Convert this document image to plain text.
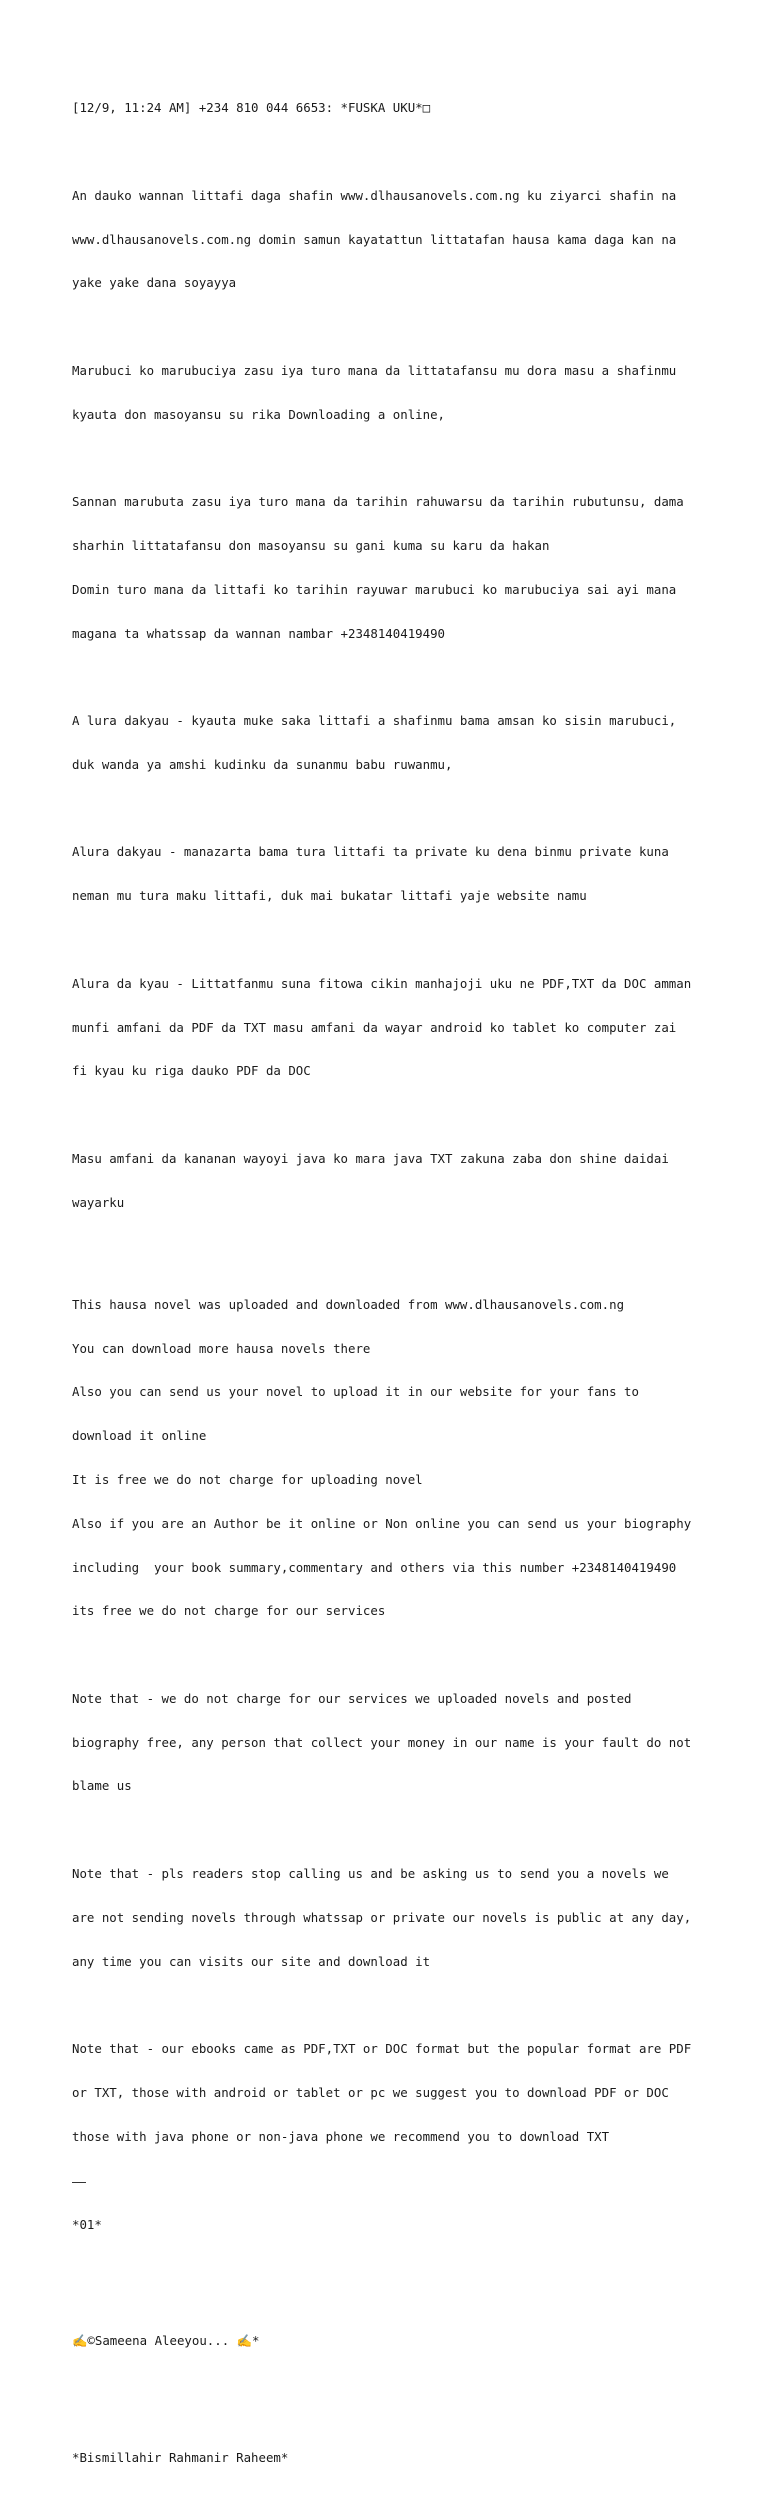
[12/9, 11:24 AM] +234 810 044 6653: *FUSKA UKU*□

An dauko wannan littafi daga shafin www.dlhausanovels.com.ng ku ziyarci shafin na

www.dlhausanovels.com.ng domin samun kayatattun littatafan hausa kama daga kan na

yake yake dana soyayya

Marubuci ko marubuciya zasu iya turo mana da littatafansu mu dora masu a shafinmu

kyauta don masoyansu su rika Downloading a online,

Sannan marubuta zasu iya turo mana da tarihin rahuwarsu da tarihin rubutunsu, dama

sharhin littatafansu don masoyansu su gani kuma su karu da hakan

Domin turo mana da littafi ko tarihin rayuwar marubuci ko marubuciya sai ayi mana

magana ta whatssap da wannan nambar +2348140419490

A lura dakyau - kyauta muke saka littafi a shafinmu bama amsan ko sisin marubuci,

duk wanda ya amshi kudinku da sunanmu babu ruwanmu,

Alura dakyau - manazarta bama tura littafi ta private ku dena binmu private kuna

neman mu tura maku littafi, duk mai bukatar littafi yaje website namu

Alura da kyau - Littatfanmu suna fitowa cikin manhajoji uku ne PDF,TXT da DOC amman

munfi amfani da PDF da TXT masu amfani da wayar android ko tablet ko computer zai

fi kyau ku riga dauko PDF da DOC

Masu amfani da kananan wayoyi java ko mara java TXT zakuna zaba don shine daidai

wayarku

This hausa novel was uploaded and downloaded from www.dlhausanovels.com.ng

You can download more hausa novels there

Also you can send us your novel to upload it in our website for your fans to

download it online

It is free we do not charge for uploading novel

Also if you are an Author be it online or Non online you can send us your biography

including  your book summary,commentary and others via this number +2348140419490

its free we do not charge for our services

Note that - we do not charge for our services we uploaded novels and posted

biography free, any person that collect your money in our name is your fault do not

blame us

Note that - pls readers stop calling us and be asking us to send you a novels we

are not sending novels through whatssap or private our novels is public at any day,

any time you can visits our site and download it

Note that - our ebooks came as PDF,TXT or DOC format but the popular format are PDF

or TXT, those with android or tablet or pc we suggest you to download PDF or DOC

those with java phone or non-java phone we recommend you to download TXT

*01*

✍️©Sameena Aleeyou... ✍️*

*Bismillahir Rahmanir Raheem*
